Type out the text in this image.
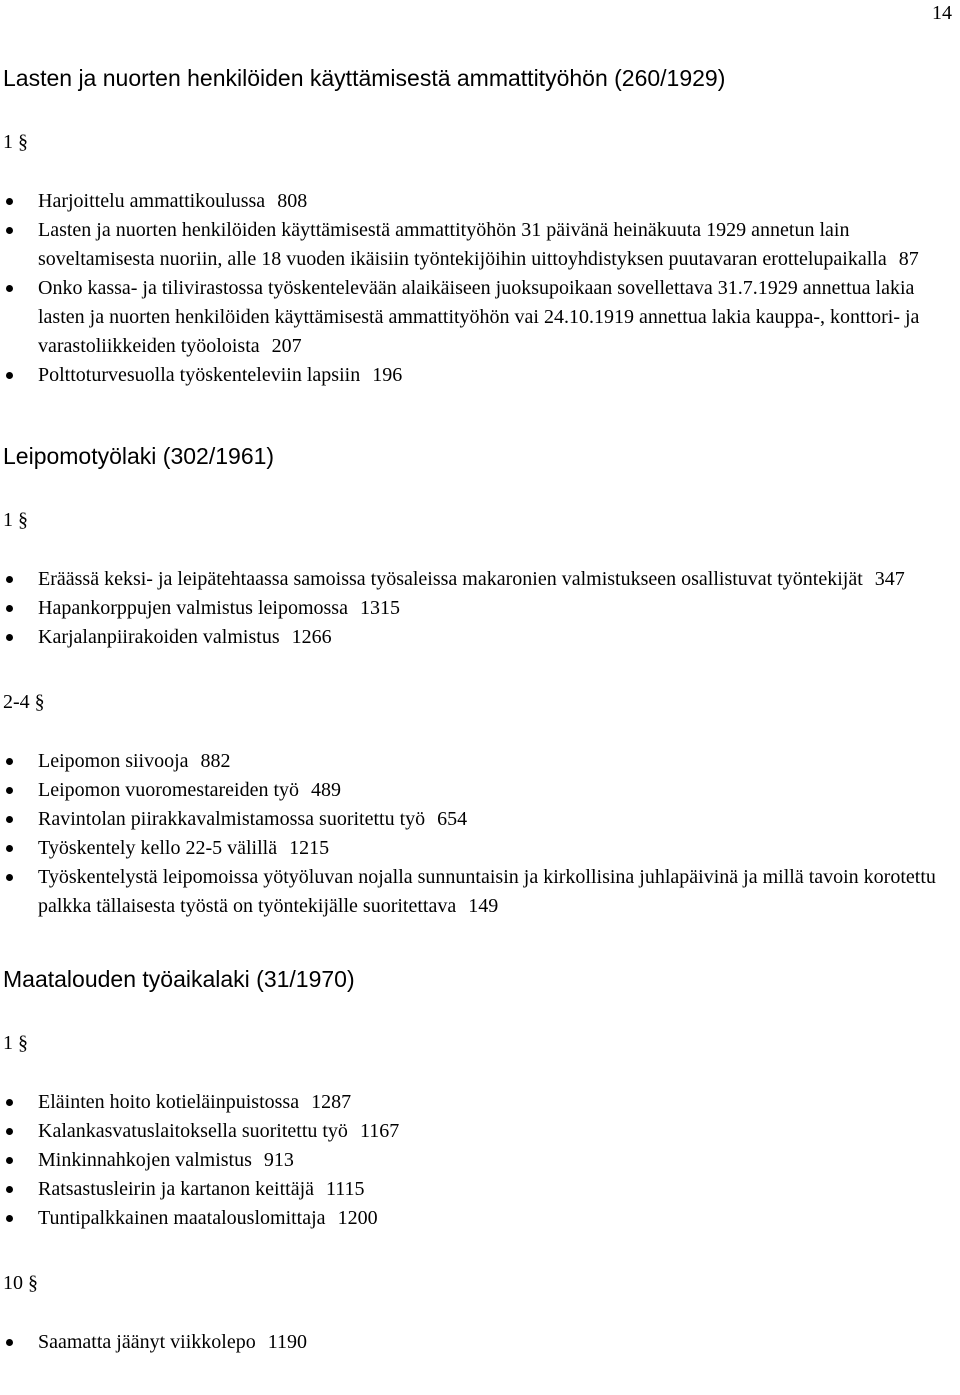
14
Lasten ja nuorten henkilöiden käyttämisestä ammattityöhön (260/1929)
1 §
Harjoittelu ammattikoulussa 808
Lasten ja nuorten henkilöiden käyttämisestä ammattityöhön 31 päivänä heinäkuuta 1929 annetun lain soveltamisesta nuoriin, alle 18 vuoden ikäisiin työntekijöihin uittoyhdistyksen puutavaran erottelupaikalla 87
Onko kassa- ja tilivirastossa työskentelevään alaikäiseen juoksupoikaan sovellettava 31.7.1929 annettua lakia lasten ja nuorten henkilöiden käyttämisestä ammattityöhön vai 24.10.1919 annettua lakia kauppa-, konttori- ja varastoliikkeiden työoloista 207
Polttoturvesuolla työskenteleviin lapsiin 196
Leipomotyölaki (302/1961)
1 §
Eräässä keksi- ja leipätehtaassa samoissa työsaleissa makaronien valmistukseen osallistuvat työntekijät 347
Hapankorppujen valmistus leipomossa 1315
Karjalanpiirakoiden valmistus 1266
2-4 §
Leipomon siivooja 882
Leipomon vuoromestareiden työ 489
Ravintolan piirakkavalmistamossa suoritettu työ 654
Työskentely kello 22-5 välillä 1215
Työskentelystä leipomoissa yötyöluvan nojalla sunnuntaisin ja kirkollisina juhlapäivinä ja millä tavoin korotettu palkka tällaisesta työstä on työntekijälle suoritettava 149
Maatalouden työaikalaki (31/1970)
1 §
Eläinten hoito kotieläinpuistossa 1287
Kalankasvatuslaitoksella suoritettu työ 1167
Minkinnahkojen valmistus 913
Ratsastusleirin ja kartanon keittäjä 1115
Tuntipalkkainen maatalouslomittaja 1200
10 §
Saamatta jäänyt viikkolepo 1190
